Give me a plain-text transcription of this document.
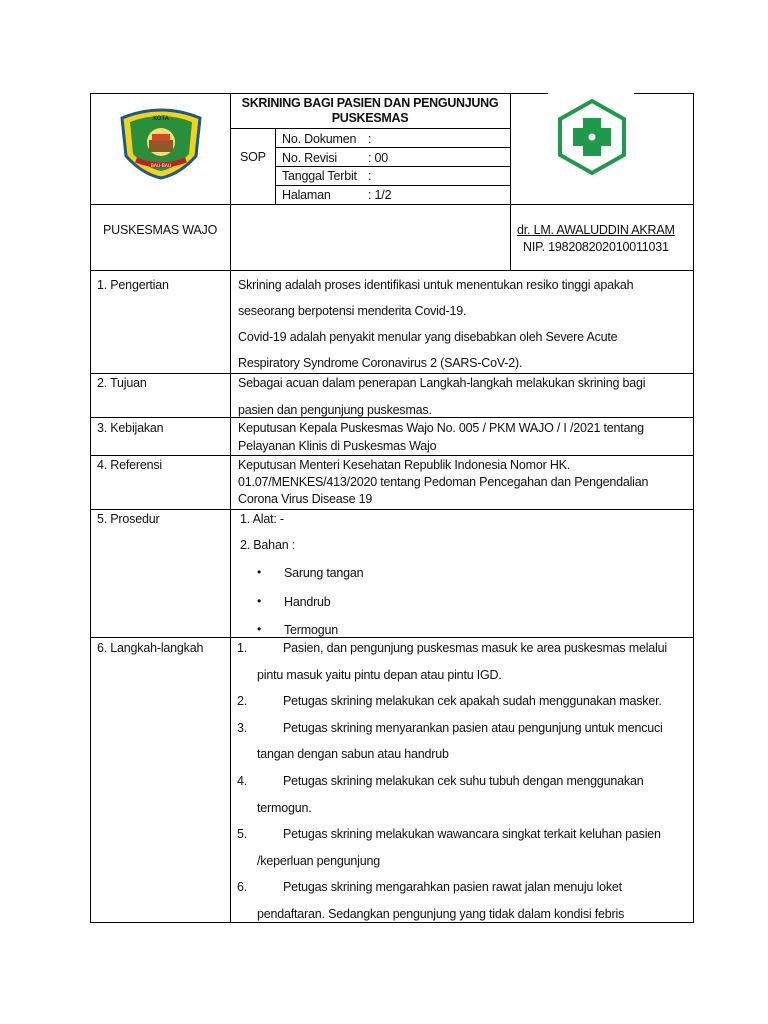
KOTA
BAU-BAU
SKRINING BAGI PASIEN DAN PENGUNJUNG
PUSKESMAS
SOP
No. Dokumen :
No. Revisi : 00
Tanggal Terbit :
Halaman	: 1/2
PUSKESMAS WAJO	dr. LM. AWALUDDIN AKRAM
NIP. 198208202010011031
1. Pengertian	Skrining adalah proses identifikasi untuk menentukan resiko tinggi apakah
seseorang berpotensi menderita Covid-19.
Covid-19 adalah penyakit menular yang disebabkan oleh Severe Acute
Respiratory Syndrome Coronavirus 2 (SARS-CoV-2).
2. Tujuan	Sebagai acuan dalam penerapan Langkah-langkah melakukan skrining bagi
pasien dan pengunjung puskesmas.
3. Kebijakan	Keputusan Kepala Puskesmas Wajo No. 005 / PKM WAJO / I /2021 tentang
Pelayanan Klinis di Puskesmas Wajo
4. Referensi	Keputusan Menteri Kesehatan Republik Indonesia Nomor HK.
01.07/MENKES/413/2020 tentang Pedoman Pencegahan dan Pengendalian
Corona Virus Disease 19
5. Prosedur	1. Alat: -
2. Bahan :
• Sarung tangan
• Handrub
• Termogun
6. Langkah-langkah	1.	Pasien, dan pengunjung puskesmas masuk ke area puskesmas melalui
pintu masuk yaitu pintu depan atau pintu IGD.
2.	Petugas skrining melakukan cek apakah sudah menggunakan masker.
3.	Petugas skrining menyarankan pasien atau pengunjung untuk mencuci
tangan dengan sabun atau handrub
4.	Petugas skrining melakukan cek suhu tubuh dengan menggunakan
termogun.
5.	Petugas skrining melakukan wawancara singkat terkait keluhan pasien
/keperluan pengunjung
6.	Petugas skrining mengarahkan pasien rawat jalan menuju loket
pendaftaran. Sedangkan pengunjung yang tidak dalam kondisi febris
